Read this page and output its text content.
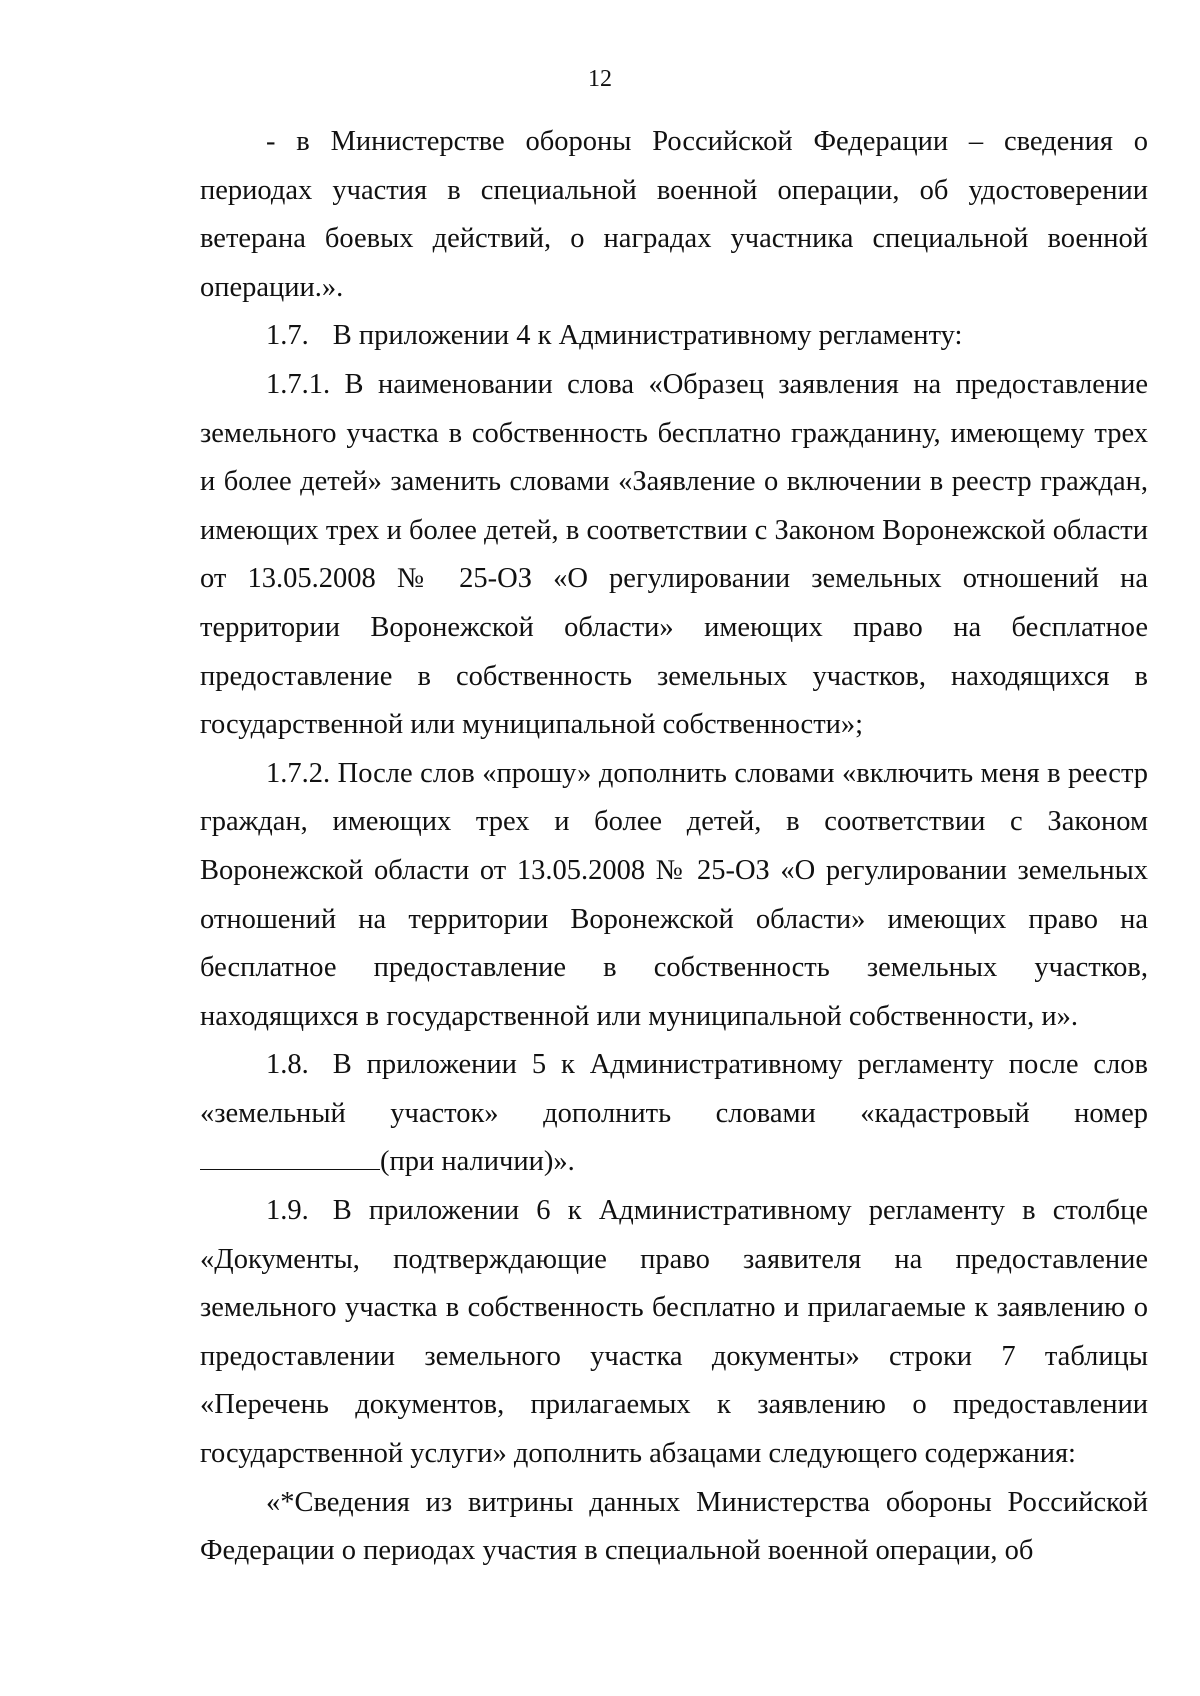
12

- в Министерстве обороны Российской Федерации – сведения о периодах участия в специальной военной операции, об удостоверении ветерана боевых действий, о наградах участника специальной военной операции.».

1.7. В приложении 4 к Административному регламенту:

1.7.1. В наименовании слова «Образец заявления на предоставление земельного участка в собственность бесплатно гражданину, имеющему трех и более детей» заменить словами «Заявление о включении в реестр граждан, имеющих трех и более детей, в соответствии с Законом Воронежской области от 13.05.2008 № 25-ОЗ «О регулировании земельных отношений на территории Воронежской области» имеющих право на бесплатное предоставление в собственность земельных участков, находящихся в государственной или муниципальной собственности»;

1.7.2. После слов «прошу» дополнить словами «включить меня в реестр граждан, имеющих трех и более детей, в соответствии с Законом Воронежской области от 13.05.2008 № 25-ОЗ «О регулировании земельных отношений на территории Воронежской области» имеющих право на бесплатное предоставление в собственность земельных участков, находящихся в государственной или муниципальной собственности, и».

1.8. В приложении 5 к Административному регламенту после слов «земельный участок» дополнить словами «кадастровый номер (при наличии)».

1.9. В приложении 6 к Административному регламенту в столбце «Документы, подтверждающие право заявителя на предоставление земельного участка в собственность бесплатно и прилагаемые к заявлению о предоставлении земельного участка документы» строки 7 таблицы «Перечень документов, прилагаемых к заявлению о предоставлении государственной услуги» дополнить абзацами следующего содержания:

«*Сведения из витрины данных Министерства обороны Российской Федерации о периодах участия в специальной военной операции, об
